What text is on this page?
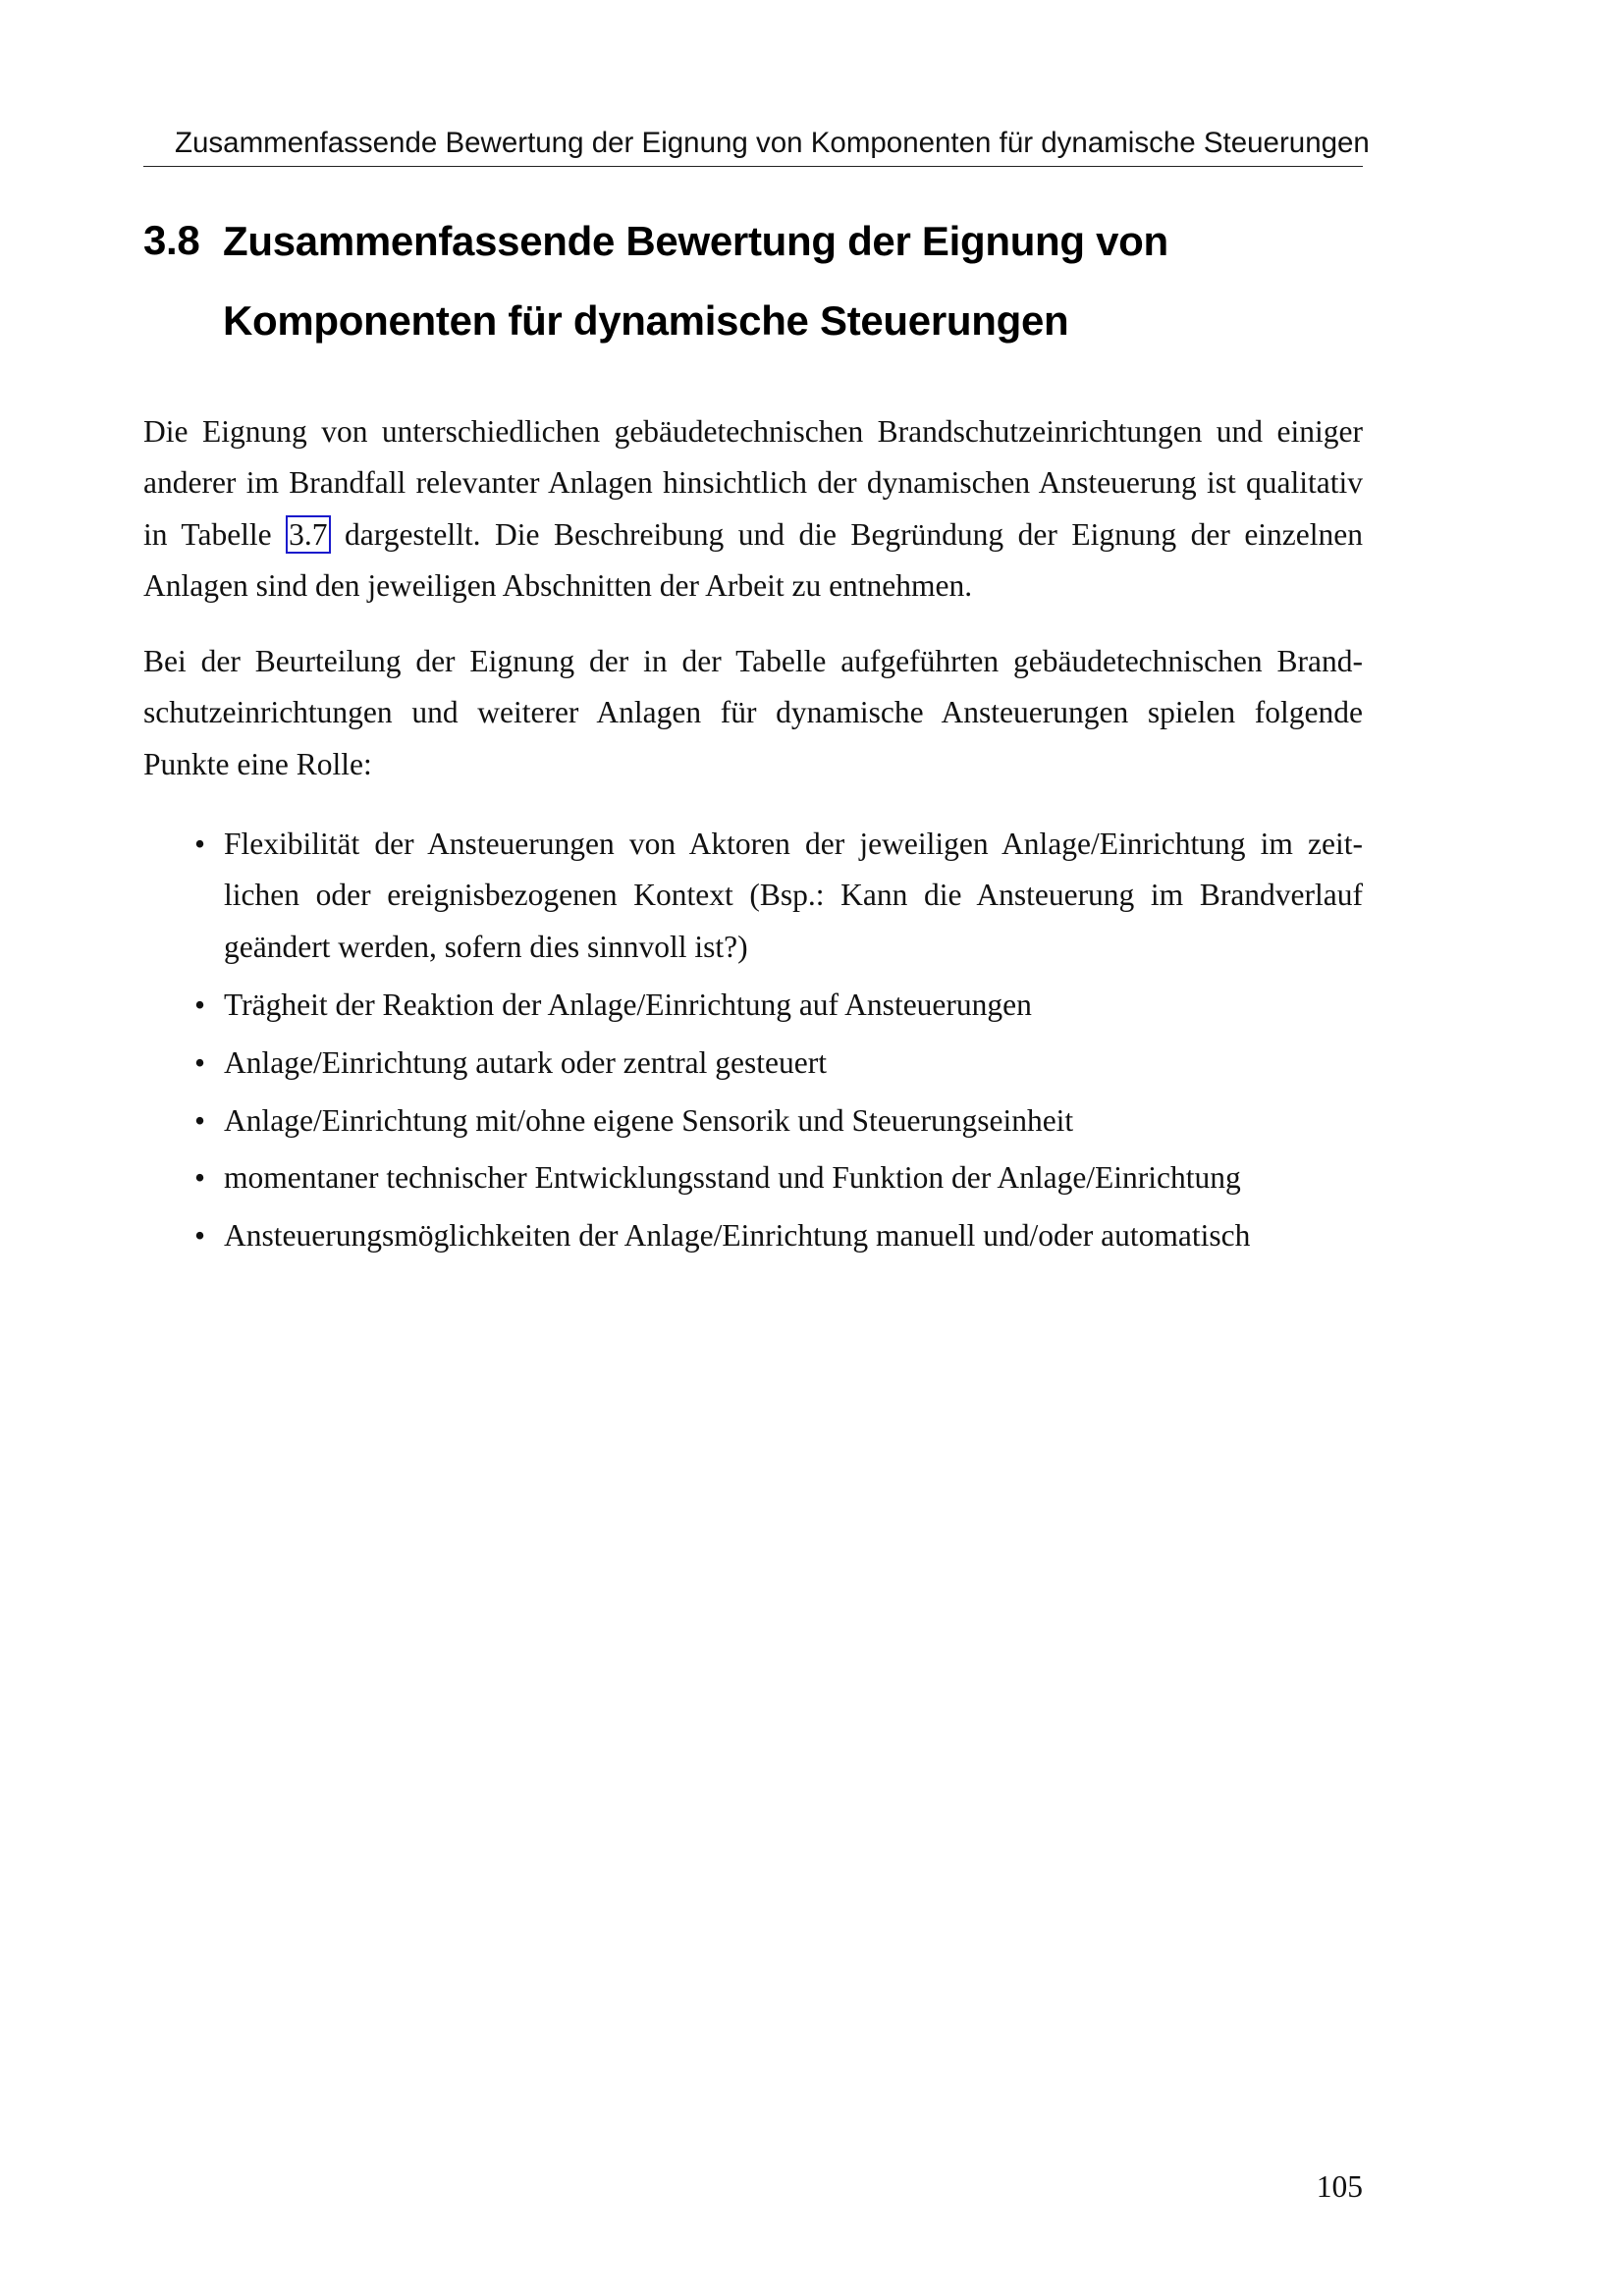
Zusammenfassende Bewertung der Eignung von Komponenten für dynamische Steuerungen
3.8 Zusammenfassende Bewertung der Eignung von Komponenten für dynamische Steuerungen

Die Eignung von unterschiedlichen gebäudetechnischen Brandschutzeinrichtungen und einiger anderer im Brandfall relevanter Anlagen hinsichtlich der dynamischen Ansteuerung ist qualitativ in Tabelle 3.7 dargestellt. Die Beschreibung und die Begründung der Eignung der einzelnen Anlagen sind den jeweiligen Abschnitten der Arbeit zu entnehmen.

Bei der Beurteilung der Eignung der in der Tabelle aufgeführten gebäudetechnischen Brandschutzeinrichtungen und weiterer Anlagen für dynamische Ansteuerungen spielen folgende Punkte eine Rolle:

• Flexibilität der Ansteuerungen von Aktoren der jeweiligen Anlage/Einrichtung im zeitlichen oder ereignisbezogenen Kontext (Bsp.: Kann die Ansteuerung im Brandverlauf geändert werden, sofern dies sinnvoll ist?)
• Trägheit der Reaktion der Anlage/Einrichtung auf Ansteuerungen
• Anlage/Einrichtung autark oder zentral gesteuert
• Anlage/Einrichtung mit/ohne eigene Sensorik und Steuerungseinheit
• momentaner technischer Entwicklungsstand und Funktion der Anlage/Einrichtung
• Ansteuerungsmöglichkeiten der Anlage/Einrichtung manuell und/oder automatisch
105
